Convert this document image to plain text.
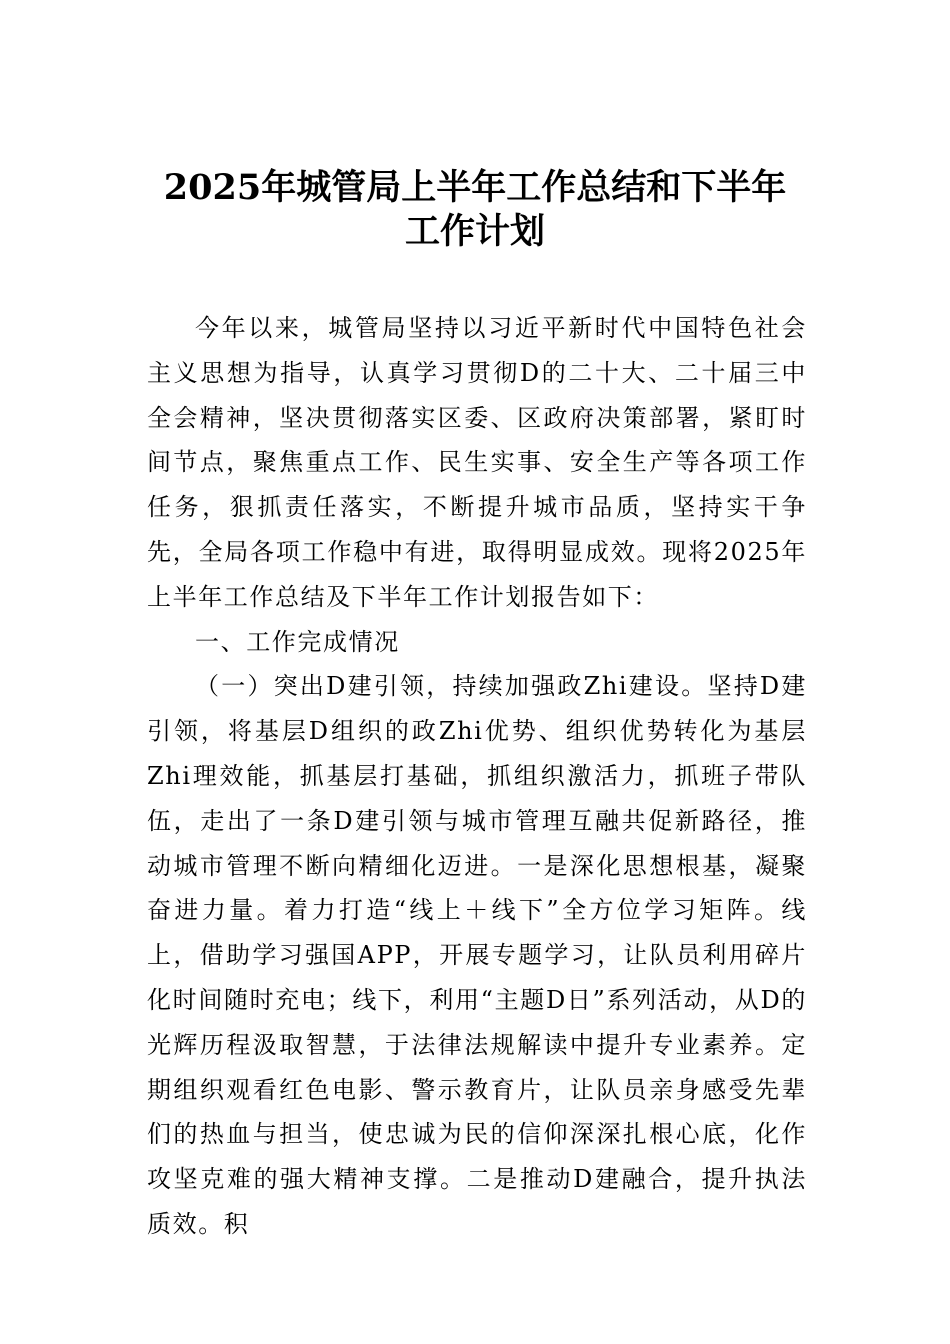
2025年城管局上半年工作总结和下半年工作计划

今年以来，城管局坚持以习近平新时代中国特色社会主义思想为指导，认真学习贯彻D的二十大、二十届三中全会精神，坚决贯彻落实区委、区政府决策部署，紧盯时间节点，聚焦重点工作、民生实事、安全生产等各项工作任务，狠抓责任落实，不断提升城市品质，坚持实干争先，全局各项工作稳中有进，取得明显成效。现将2025年上半年工作总结及下半年工作计划报告如下：

一、工作完成情况

（一）突出D建引领，持续加强政Zhi建设。坚持D建引领，将基层D组织的政Zhi优势、组织优势转化为基层Zhi理效能，抓基层打基础，抓组织激活力，抓班子带队伍，走出了一条D建引领与城市管理互融共促新路径，推动城市管理不断向精细化迈进。一是深化思想根基，凝聚奋进力量。着力打造“线上＋线下”全方位学习矩阵。线上，借助学习强国APP，开展专题学习，让队员利用碎片化时间随时充电；线下，利用“主题D日”系列活动，从D的光辉历程汲取智慧，于法律法规解读中提升专业素养。定期组织观看红色电影、警示教育片，让队员亲身感受先辈们的热血与担当，使忠诚为民的信仰深深扎根心底，化作攻坚克难的强大精神支撑。二是推动D建融合，提升执法质效。积
